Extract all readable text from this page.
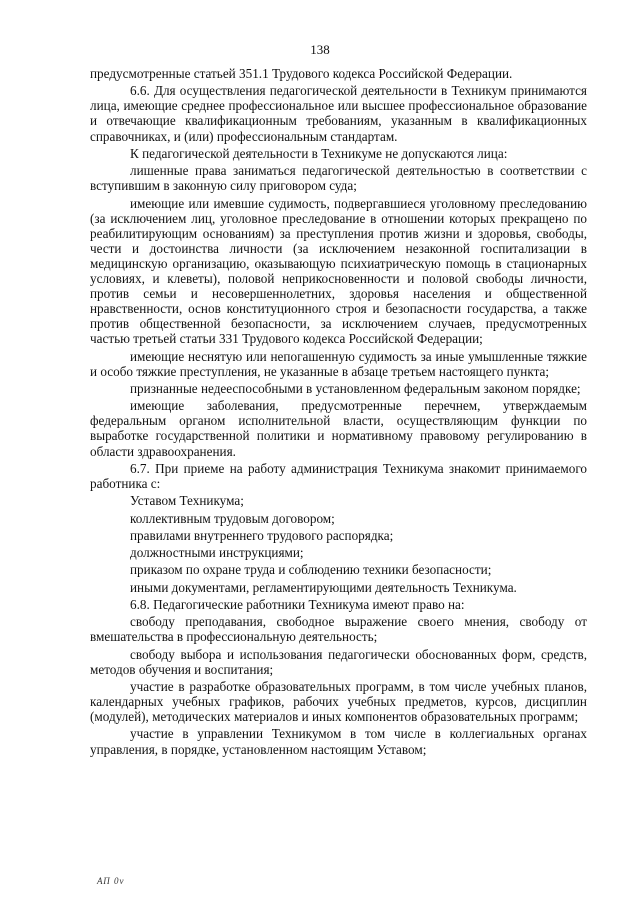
138

предусмотренные статьей 351.1 Трудового кодекса Российской Федерации.

6.6. Для осуществления педагогической деятельности в Техникум принимаются лица, имеющие среднее профессиональное или высшее профессиональное образование и отвечающие квалификационным требованиям, указанным в квалификационных справочниках, и (или) профессиональным стандартам.

К педагогической деятельности в Техникуме не допускаются лица:

лишенные права заниматься педагогической деятельностью в соответствии с вступившим в законную силу приговором суда;

имеющие или имевшие судимость, подвергавшиеся уголовному преследованию (за исключением лиц, уголовное преследование в отношении которых прекращено по реабилитирующим основаниям) за преступления против жизни и здоровья, свободы, чести и достоинства личности (за исключением незаконной госпитализации в медицинскую организацию, оказывающую психиатрическую помощь в стационарных условиях, и клеветы), половой неприкосновенности и половой свободы личности, против семьи и несовершеннолетних, здоровья населения и общественной нравственности, основ конституционного строя и безопасности государства, а также против общественной безопасности, за исключением случаев, предусмотренных частью третьей статьи 331 Трудового кодекса Российской Федерации;

имеющие неснятую или непогашенную судимость за иные умышленные тяжкие и особо тяжкие преступления, не указанные в абзаце третьем настоящего пункта;

признанные недееспособными в установленном федеральным законом порядке;

имеющие заболевания, предусмотренные перечнем, утверждаемым федеральным органом исполнительной власти, осуществляющим функции по выработке государственной политики и нормативному правовому регулированию в области здравоохранения.

6.7. При приеме на работу администрация Техникума знакомит принимаемого работника с:

Уставом Техникума;

коллективным трудовым договором;

правилами внутреннего трудового распорядка;

должностными инструкциями;

приказом по охране труда и соблюдению техники безопасности;

иными документами, регламентирующими деятельность Техникума.

6.8. Педагогические работники Техникума имеют право на:

свободу преподавания, свободное выражение своего мнения, свободу от вмешательства в профессиональную деятельность;

свободу выбора и использования педагогически обоснованных форм, средств, методов обучения и воспитания;

участие в разработке образовательных программ, в том числе учебных планов, календарных учебных графиков, рабочих учебных предметов, курсов, дисциплин (модулей), методических материалов и иных компонентов образовательных программ;

участие в управлении Техникумом в том числе в коллегиальных органах управления, в порядке, установленном настоящим Уставом;

АП 0v
